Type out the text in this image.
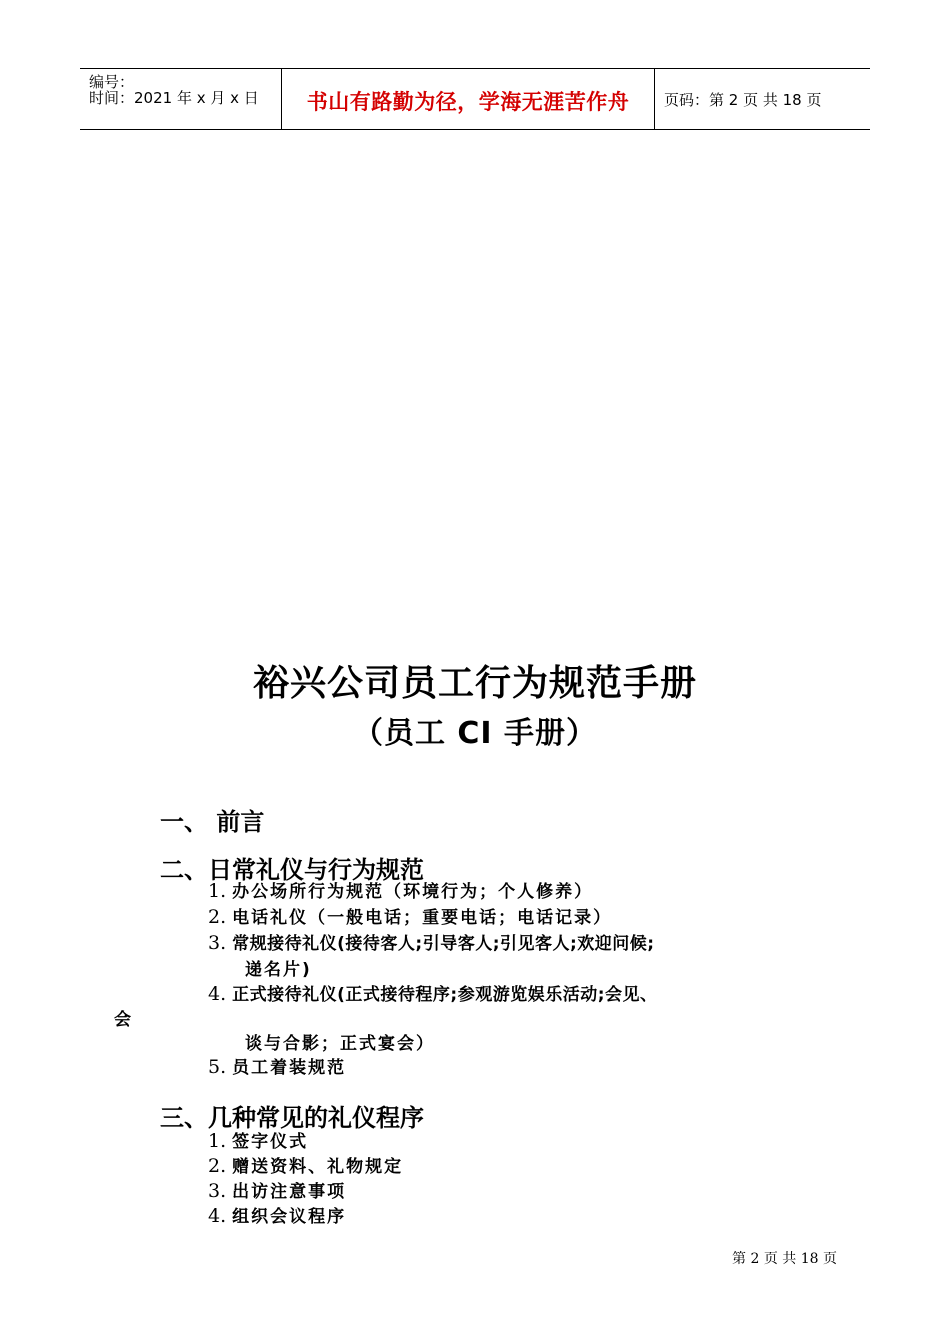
编号：
时间：2021 年 x 月 x 日	书山有路勤为径，学海无涯苦作舟	页码：第 2 页 共 18 页
裕兴公司员工行为规范手册
（员工 CI 手册）
一、 前言
二、日常礼仪与行为规范
1. 办公场所行为规范（环境行为；个人修养）
2. 电话礼仪（一般电话；重要电话；电话记录）
3. 常规接待礼仪(接待客人;引导客人;引见客人;欢迎问候;
递名片)
4. 正式接待礼仪(正式接待程序;参观游览娱乐活动;会见、
会
谈与合影；正式宴会）
5. 员工着装规范
三、几种常见的礼仪程序
1. 签字仪式
2. 赠送资料、礼物规定
3. 出访注意事项
4. 组织会议程序
第 2 页 共 18 页
